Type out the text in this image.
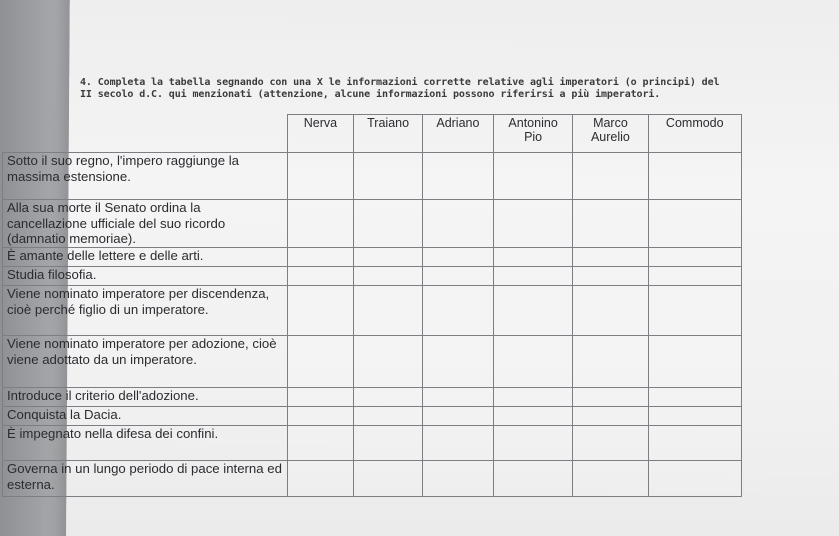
4. Completa la tabella segnando con una X le informazioni corrette relative agli imperatori (o principi) del II secolo d.C. qui menzionati (attenzione, alcune informazioni possono riferirsi a più imperatori.

	Nerva	Traiano	Adriano	Antonino Pio	Marco Aurelio	Commodo
Sotto il suo regno, l'impero raggiunge la massima estensione.						
Alla sua morte il Senato ordina la cancellazione ufficiale del suo ricordo (damnatio memoriae).						
È amante delle lettere e delle arti.						
Studia filosofia.						
Viene nominato imperatore per discendenza, cioè perché figlio di un imperatore.						
Viene nominato imperatore per adozione, cioè viene adottato da un imperatore.						
Introduce il criterio dell'adozione.						
Conquista la Dacia.						
È impegnato nella difesa dei confini.						
Governa in un lungo periodo di pace interna ed esterna.						
